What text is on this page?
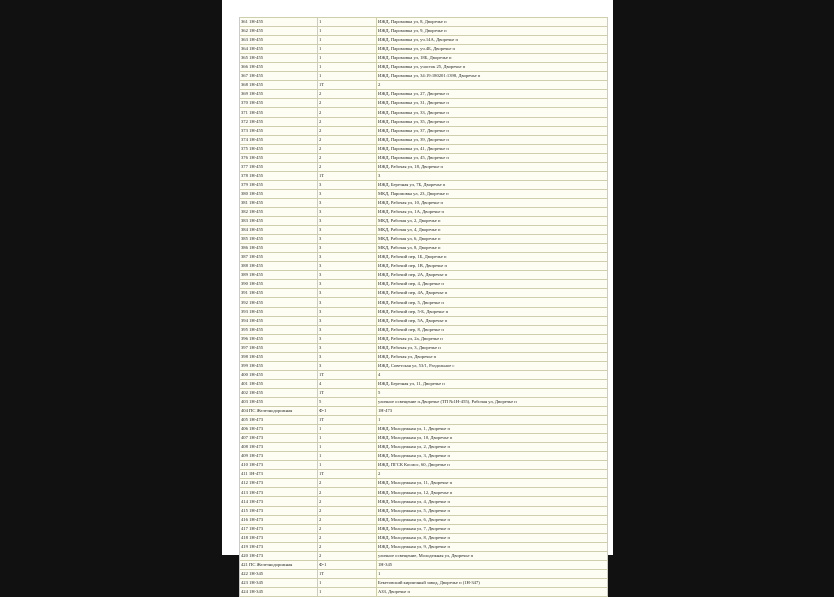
361 1Н-455	1	ИЖД, Паромовка ул, 8, Дворечье п
362 1Н-455	1	ИЖД, Паромовка ул, 9, Дворечье п
363 1Н-455	1	ИЖД, Паромовка ул, уч.14А, Дворечье п
364 1Н-455	1	ИЖД, Паромовка ул, уч.4Б, Дворечье п
365 1Н-455	1	ИЖД, Паромовка ул, 18Б, Дворечье п
366 1Н-455	1	ИЖД, Паромовка ул, участок 25, Дворечье п
367 1Н-455	1	ИЖД, Паромовка ул, 34:19:180201:1398, Дворечье п
368 1Н-455	1Т	2
369 1Н-455	2	ИЖД, Паромовка ул, 27, Дворечье п
370 1Н-455	2	ИЖД, Паромовка ул, 31, Дворечье п
371 1Н-455	2	ИЖД, Паромовка ул, 33, Дворечье п
372 1Н-455	2	ИЖД, Паромовка ул, 35, Дворечье п
373 1Н-455	2	ИЖД, Паромовка ул, 37, Дворечье п
374 1Н-455	2	ИЖД, Паромовка ул, 39, Дворечье п
375 1Н-455	2	ИЖД, Паромовка ул, 41, Дворечье п
376 1Н-455	2	ИЖД, Паромовка ул, 45, Дворечье п
377 1Н-455	2	ИЖД, Рабочая ул, 18, Дворечье п
378 1Н-455	1Т	3
379 1Н-455	3	ИЖД, Березная ул, 7Б, Дворечье п
380 1Н-455	3	МКД, Паромовка ул, 23, Дворечье п
381 1Н-455	3	ИЖД, Рабочая ул, 10, Дворечье п
382 1Н-455	3	ИЖД, Рабочая ул, 1А, Дворечье п
383 1Н-455	3	МКД, Рабочая ул, 2, Дворечье п
384 1Н-455	3	МКД, Рабочая ул, 4, Дворечье п
385 1Н-455	3	МКД, Рабочая ул, 6, Дворечье п
386 1Н-455	3	МКД, Рабочая ул, 8, Дворечье п
387 1Н-455	3	ИЖД, Рабочий пер, 1Б, Дворечье п
388 1Н-455	3	ИЖД, Рабочий пер, 1В, Дворечье п
389 1Н-455	3	ИЖД, Рабочий пер, 2А, Дворечье п
390 1Н-455	3	ИЖД, Рабочий пер, 4, Дворечье п
391 1Н-455	3	ИЖД, Рабочий пер, 4А, Дворечье п
392 1Н-455	3	ИЖД, Рабочий пер, 5, Дворечье п
393 1Н-455	3	ИЖД, Рабочий пер, 5-Б, Дворечье п
394 1Н-455	3	ИЖД, Рабочий пер, 5А, Дворечье п
395 1Н-455	3	ИЖД, Рабочий пер, 8, Дворечье п
396 1Н-455	3	ИЖД, Рабочая ул, 2а, Дворечье п
397 1Н-455	3	ИЖД, Рабочая ул, 3, Дворечье п
398 1Н-455	3	ИЖД, Рабочая ул, Дворечье п
399 1Н-455	3	ИЖД, Советская ул, 53/1, Раздольное с
400 1Н-455	1Т	4
401 1Н-455	4	ИЖД, Березная ул, 11, Дворечье п
402 1Н-455	1Т	5
403 1Н-455	5	уличное освещение п.Дворечье (ТП №1Н-455), Рабочая ул, Дворечье п
404 ПС Железнодорожная	Ф-1	1Н-473
405 1Н-473	1Т	1
406 1Н-473	1	ИЖД, Молодежная ул, 1, Дворечье п
407 1Н-473	1	ИЖД, Молодежная ул, 10, Дворечье п
408 1Н-473	1	ИЖД, Молодежная ул, 2, Дворечье п
409 1Н-473	1	ИЖД, Молодежная ул, 3, Дворечье п
410 1Н-473	1	ИЖД, ПГСК Космос, 60, Дворечье п
411 1Н-473	1Т	2
412 1Н-473	2	ИЖД, Молодежная ул, 11, Дворечье п
413 1Н-473	2	ИЖД, Молодежная ул, 12, Дворечье п
414 1Н-473	2	ИЖД, Молодежная ул, 4, Дворечье п
415 1Н-473	2	ИЖД, Молодежная ул, 5, Дворечье п
416 1Н-473	2	ИЖД, Молодежная ул, 6, Дворечье п
417 1Н-473	2	ИЖД, Молодежная ул, 7, Дворечье п
418 1Н-473	2	ИЖД, Молодежная ул, 8, Дворечье п
419 1Н-473	2	ИЖД, Молодежная ул, 9, Дворечье п
420 1Н-473	2	уличное освещение, Молодежная ул, Дворечье п
421 ПС Железнодорожная	Ф-1	1Н-345
422 1Н-345	1Т	1
423 1Н-345	1	Бекетовский кирпичный завод, Дворечье п (1Н-347)
424 1Н-345	1	АЗЗ, Дворечье п
